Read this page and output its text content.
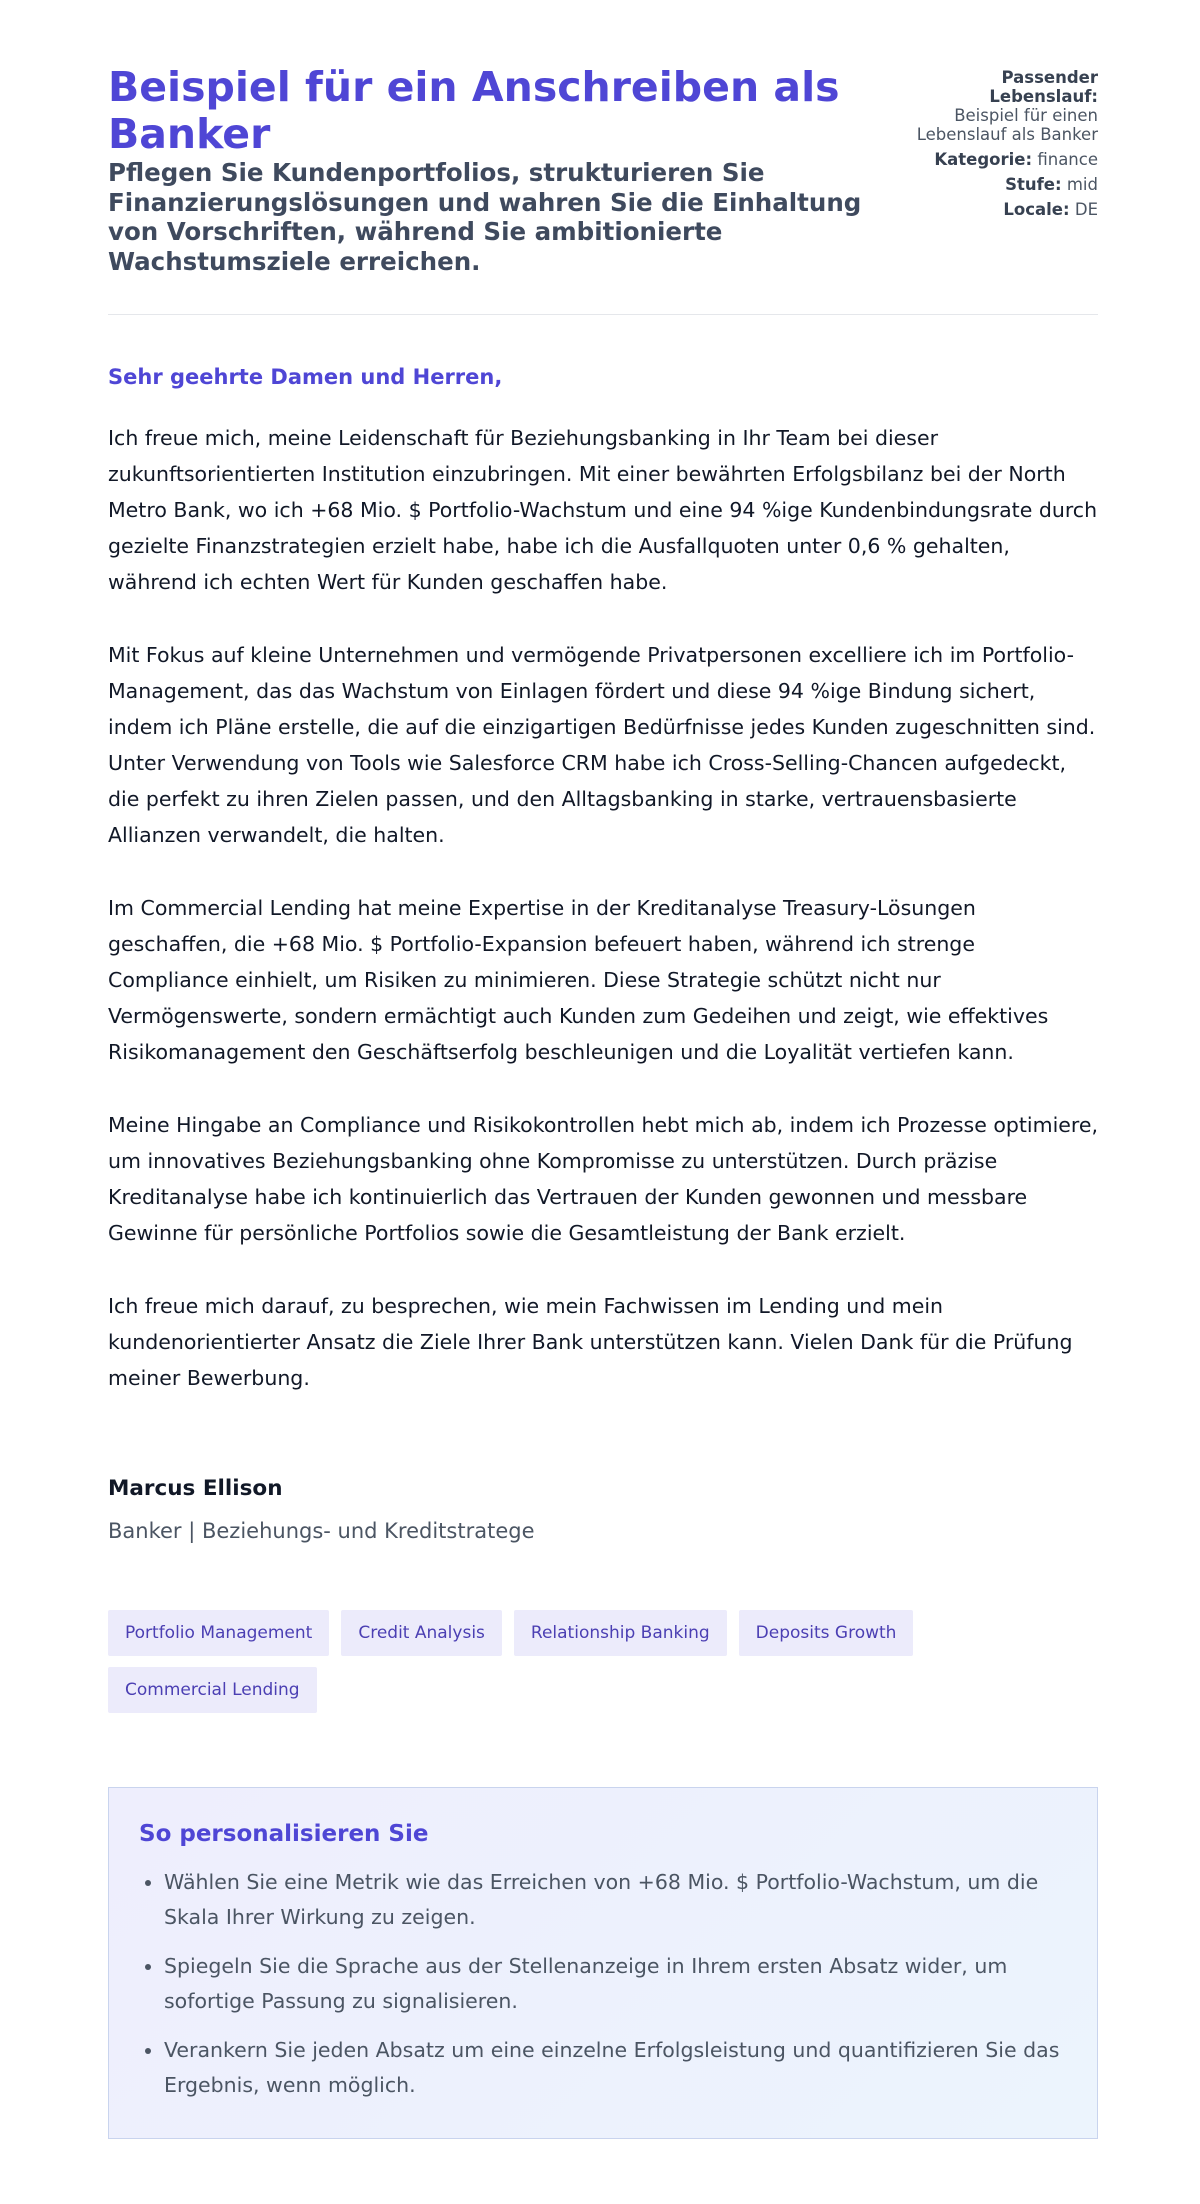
Beispiel für ein Anschreiben als Banker
Pflegen Sie Kundenportfolios, strukturieren Sie Finanzierungslösungen und wahren Sie die Einhaltung von Vorschriften, während Sie ambitionierte Wachstumsziele erreichen.

Passender Lebenslauf:
Beispiel für einen Lebenslauf als Banker

Kategorie: finance

Stufe: mid

Locale: DE

Sehr geehrte Damen und Herren,

Ich freue mich, meine Leidenschaft für Beziehungsbanking in Ihr Team bei dieser zukunftsorientierten Institution einzubringen. Mit einer bewährten Erfolgsbilanz bei der North Metro Bank, wo ich +68 Mio. $ Portfolio-Wachstum und eine 94 %ige Kundenbindungsrate durch gezielte Finanzstrategien erzielt habe, habe ich die Ausfallquoten unter 0,6 % gehalten, während ich echten Wert für Kunden geschaffen habe.

Mit Fokus auf kleine Unternehmen und vermögende Privatpersonen excelliere ich im Portfolio-Management, das das Wachstum von Einlagen fördert und diese 94 %ige Bindung sichert, indem ich Pläne erstelle, die auf die einzigartigen Bedürfnisse jedes Kunden zugeschnitten sind. Unter Verwendung von Tools wie Salesforce CRM habe ich Cross-Selling-Chancen aufgedeckt, die perfekt zu ihren Zielen passen, und den Alltagsbanking in starke, vertrauensbasierte Allianzen verwandelt, die halten.

Im Commercial Lending hat meine Expertise in der Kreditanalyse Treasury-Lösungen geschaffen, die +68 Mio. $ Portfolio-Expansion befeuert haben, während ich strenge Compliance einhielt, um Risiken zu minimieren. Diese Strategie schützt nicht nur Vermögenswerte, sondern ermächtigt auch Kunden zum Gedeihen und zeigt, wie effektives Risikomanagement den Geschäftserfolg beschleunigen und die Loyalität vertiefen kann.

Meine Hingabe an Compliance und Risikokontrollen hebt mich ab, indem ich Prozesse optimiere, um innovatives Beziehungsbanking ohne Kompromisse zu unterstützen. Durch präzise Kreditanalyse habe ich kontinuierlich das Vertrauen der Kunden gewonnen und messbare Gewinne für persönliche Portfolios sowie die Gesamtleistung der Bank erzielt.

Ich freue mich darauf, zu besprechen, wie mein Fachwissen im Lending und mein kundenorientierter Ansatz die Ziele Ihrer Bank unterstützen kann. Vielen Dank für die Prüfung meiner Bewerbung.

Marcus Ellison

Banker | Beziehungs- und Kreditstratege

Portfolio Management	Credit Analysis	Relationship Banking	Deposits Growth
Commercial Lending
So personalisieren Sie
Wählen Sie eine Metrik wie das Erreichen von +68 Mio. $ Portfolio-Wachstum, um die Skala Ihrer Wirkung zu zeigen.
Spiegeln Sie die Sprache aus der Stellenanzeige in Ihrem ersten Absatz wider, um sofortige Passung zu signalisieren.
Verankern Sie jeden Absatz um eine einzelne Erfolgsleistung und quantifizieren Sie das Ergebnis, wenn möglich.
